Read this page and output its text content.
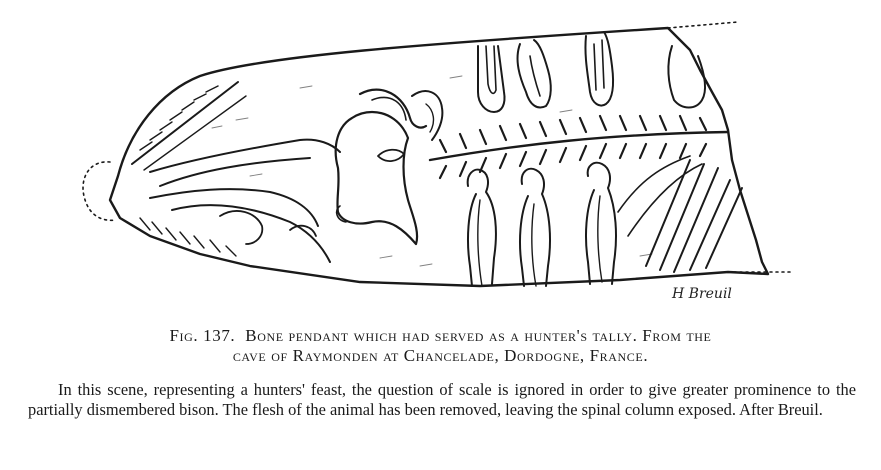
H Breuil
Fig. 137. Bone pendant which had served as a hunter's tally. From the
cave of Raymonden at Chancelade, Dordogne, France.
In this scene, representing a hunters' feast, the question of scale is ignored in order to give greater prominence to the partially dismembered bison. The flesh of the animal has been removed, leaving the spinal column exposed. After Breuil.
